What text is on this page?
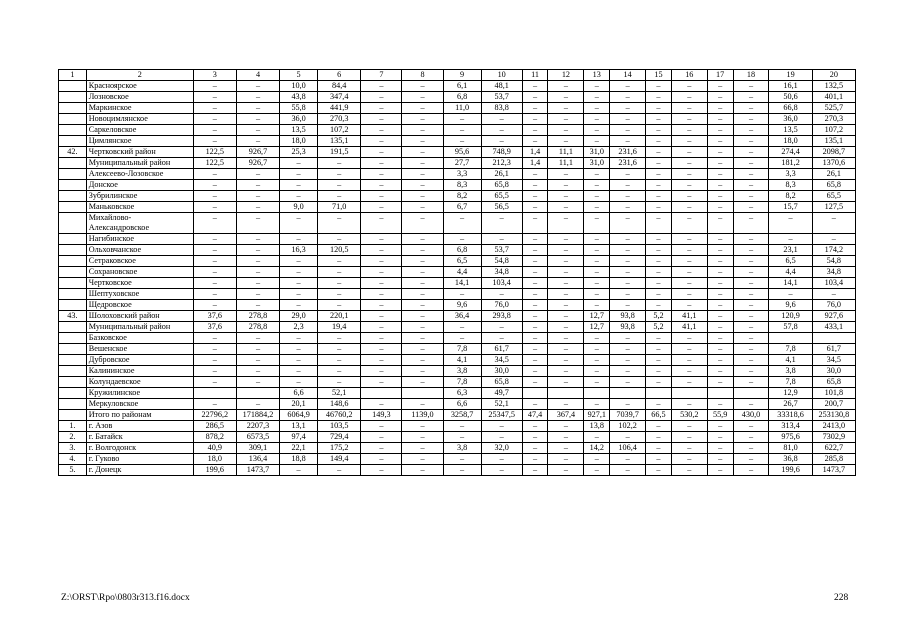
1	2	3	4	5	6	7	8	9	10	11	12	13	14	15	16	17	18	19	20
	Красноярское	–	–	10,0	84,4	–	–	6,1	48,1	–	–	–	–	–	–	–	–	16,1	132,5
	Лозновское	–	–	43,8	347,4	–	–	6,8	53,7	–	–	–	–	–	–	–	–	50,6	401,1
	Маркинское	–	–	55,8	441,9	–	–	11,0	83,8	–	–	–	–	–	–	–	–	66,8	525,7
	Новоцимлянское	–	–	36,0	270,3	–	–	–	–	–	–	–	–	–	–	–	–	36,0	270,3
	Саркеловское	–	–	13,5	107,2	–	–	–	–	–	–	–	–	–	–	–	–	13,5	107,2
	Цимлянское	–	–	18,0	135,1	–	–	–	–	–	–	–	–	–	–	–	–	18,0	135,1
42.	Чертковский район	122,5	926,7	25,3	191,5	–	–	95,6	748,9	1,4	11,1	31,0	231,6	–	–	–	–	274,4	2098,7
	Муниципальный район	122,5	926,7	–	–	–	–	27,7	212,3	1,4	11,1	31,0	231,6	–	–	–	–	181,2	1370,6
	Алексеево-Лозовское	–	–	–	–	–	–	3,3	26,1	–	–	–	–	–	–	–	–	3,3	26,1
	Донское	–	–	–	–	–	–	8,3	65,8	–	–	–	–	–	–	–	–	8,3	65,8
	Зубрилинское	–	–	–	–	–	–	8,2	65,5	–	–	–	–	–	–	–	–	8,2	65,5
	Маньковское	–	–	9,0	71,0	–	–	6,7	56,5	–	–	–	–	–	–	–	–	15,7	127,5
	Михайлово-Александровское	–	–	–	–	–	–	–	–	–	–	–	–	–	–	–	–	–	–
	Нагибинское	–	–	–	–	–	–	–	–	–	–	–	–	–	–	–	–	–	–
	Ольховчанское	–	–	16,3	120,5	–	–	6,8	53,7	–	–	–	–	–	–	–	–	23,1	174,2
	Сетраковское	–	–	–	–	–	–	6,5	54,8	–	–	–	–	–	–	–	–	6,5	54,8
	Сохрановское	–	–	–	–	–	–	4,4	34,8	–	–	–	–	–	–	–	–	4,4	34,8
	Чертковское	–	–	–	–	–	–	14,1	103,4	–	–	–	–	–	–	–	–	14,1	103,4
	Шептуховское	–	–	–	–	–	–	–	–	–	–	–	–	–	–	–	–	–	–
	Щедровское	–	–	–	–	–	–	9,6	76,0	–	–	–	–	–	–	–	–	9,6	76,0
43.	Шолоховский район	37,6	278,8	29,0	220,1	–	–	36,4	293,8	–	–	12,7	93,8	5,2	41,1	–	–	120,9	927,6
	Муниципальный район	37,6	278,8	2,3	19,4	–	–	–	–	–	–	12,7	93,8	5,2	41,1	–	–	57,8	433,1
	Базковское	–	–	–	–	–	–	–	–	–	–	–	–	–	–	–	–		
	Вешенское	–	–	–	–	–	–	7,8	61,7	–	–	–	–	–	–	–	–	7,8	61,7
	Дубровское	–	–	–	–	–	–	4,1	34,5	–	–	–	–	–	–	–	–	4,1	34,5
	Калининское	–	–	–	–	–	–	3,8	30,0	–	–	–	–	–	–	–	–	3,8	30,0
	Колундаевское	–	–	–	–	–	–	7,8	65,8	–	–	–	–	–	–	–	–	7,8	65,8
	Кружилинское			6,6	52,1			6,3	49,7									12,9	101,8
	Меркуловское	–	–	20,1	148,6	–	–	6,6	52,1	–	–	–	–	–	–	–	–	26,7	200,7
	Итого по районам	22796,2	171884,2	6064,9	46760,2	149,3	1139,0	3258,7	25347,5	47,4	367,4	927,1	7039,7	66,5	530,2	55,9	430,0	33318,6	253130,8
1.	г. Азов	286,5	2207,3	13,1	103,5	–	–	–	–	–	–	13,8	102,2	–	–	–	–	313,4	2413,0
2.	г. Батайск	878,2	6573,5	97,4	729,4	–	–	–	–	–	–	–	–	–	–	–	–	975,6	7302,9
3.	г. Волгодонск	40,9	309,1	22,1	175,2	–	–	3,8	32,0	–	–	14,2	106,4	–	–	–	–	81,0	622,7
4.	г. Гуково	18,0	136,4	18,8	149,4	–	–	–	–	–	–	–	–	–	–	–	–	36,8	285,8
5.	г. Донецк	199,6	1473,7	–	–	–	–	–	–	–	–	–	–	–	–	–	–	199,6	1473,7
Z:\ORST\Rpo\0803r313.f16.docx	228
